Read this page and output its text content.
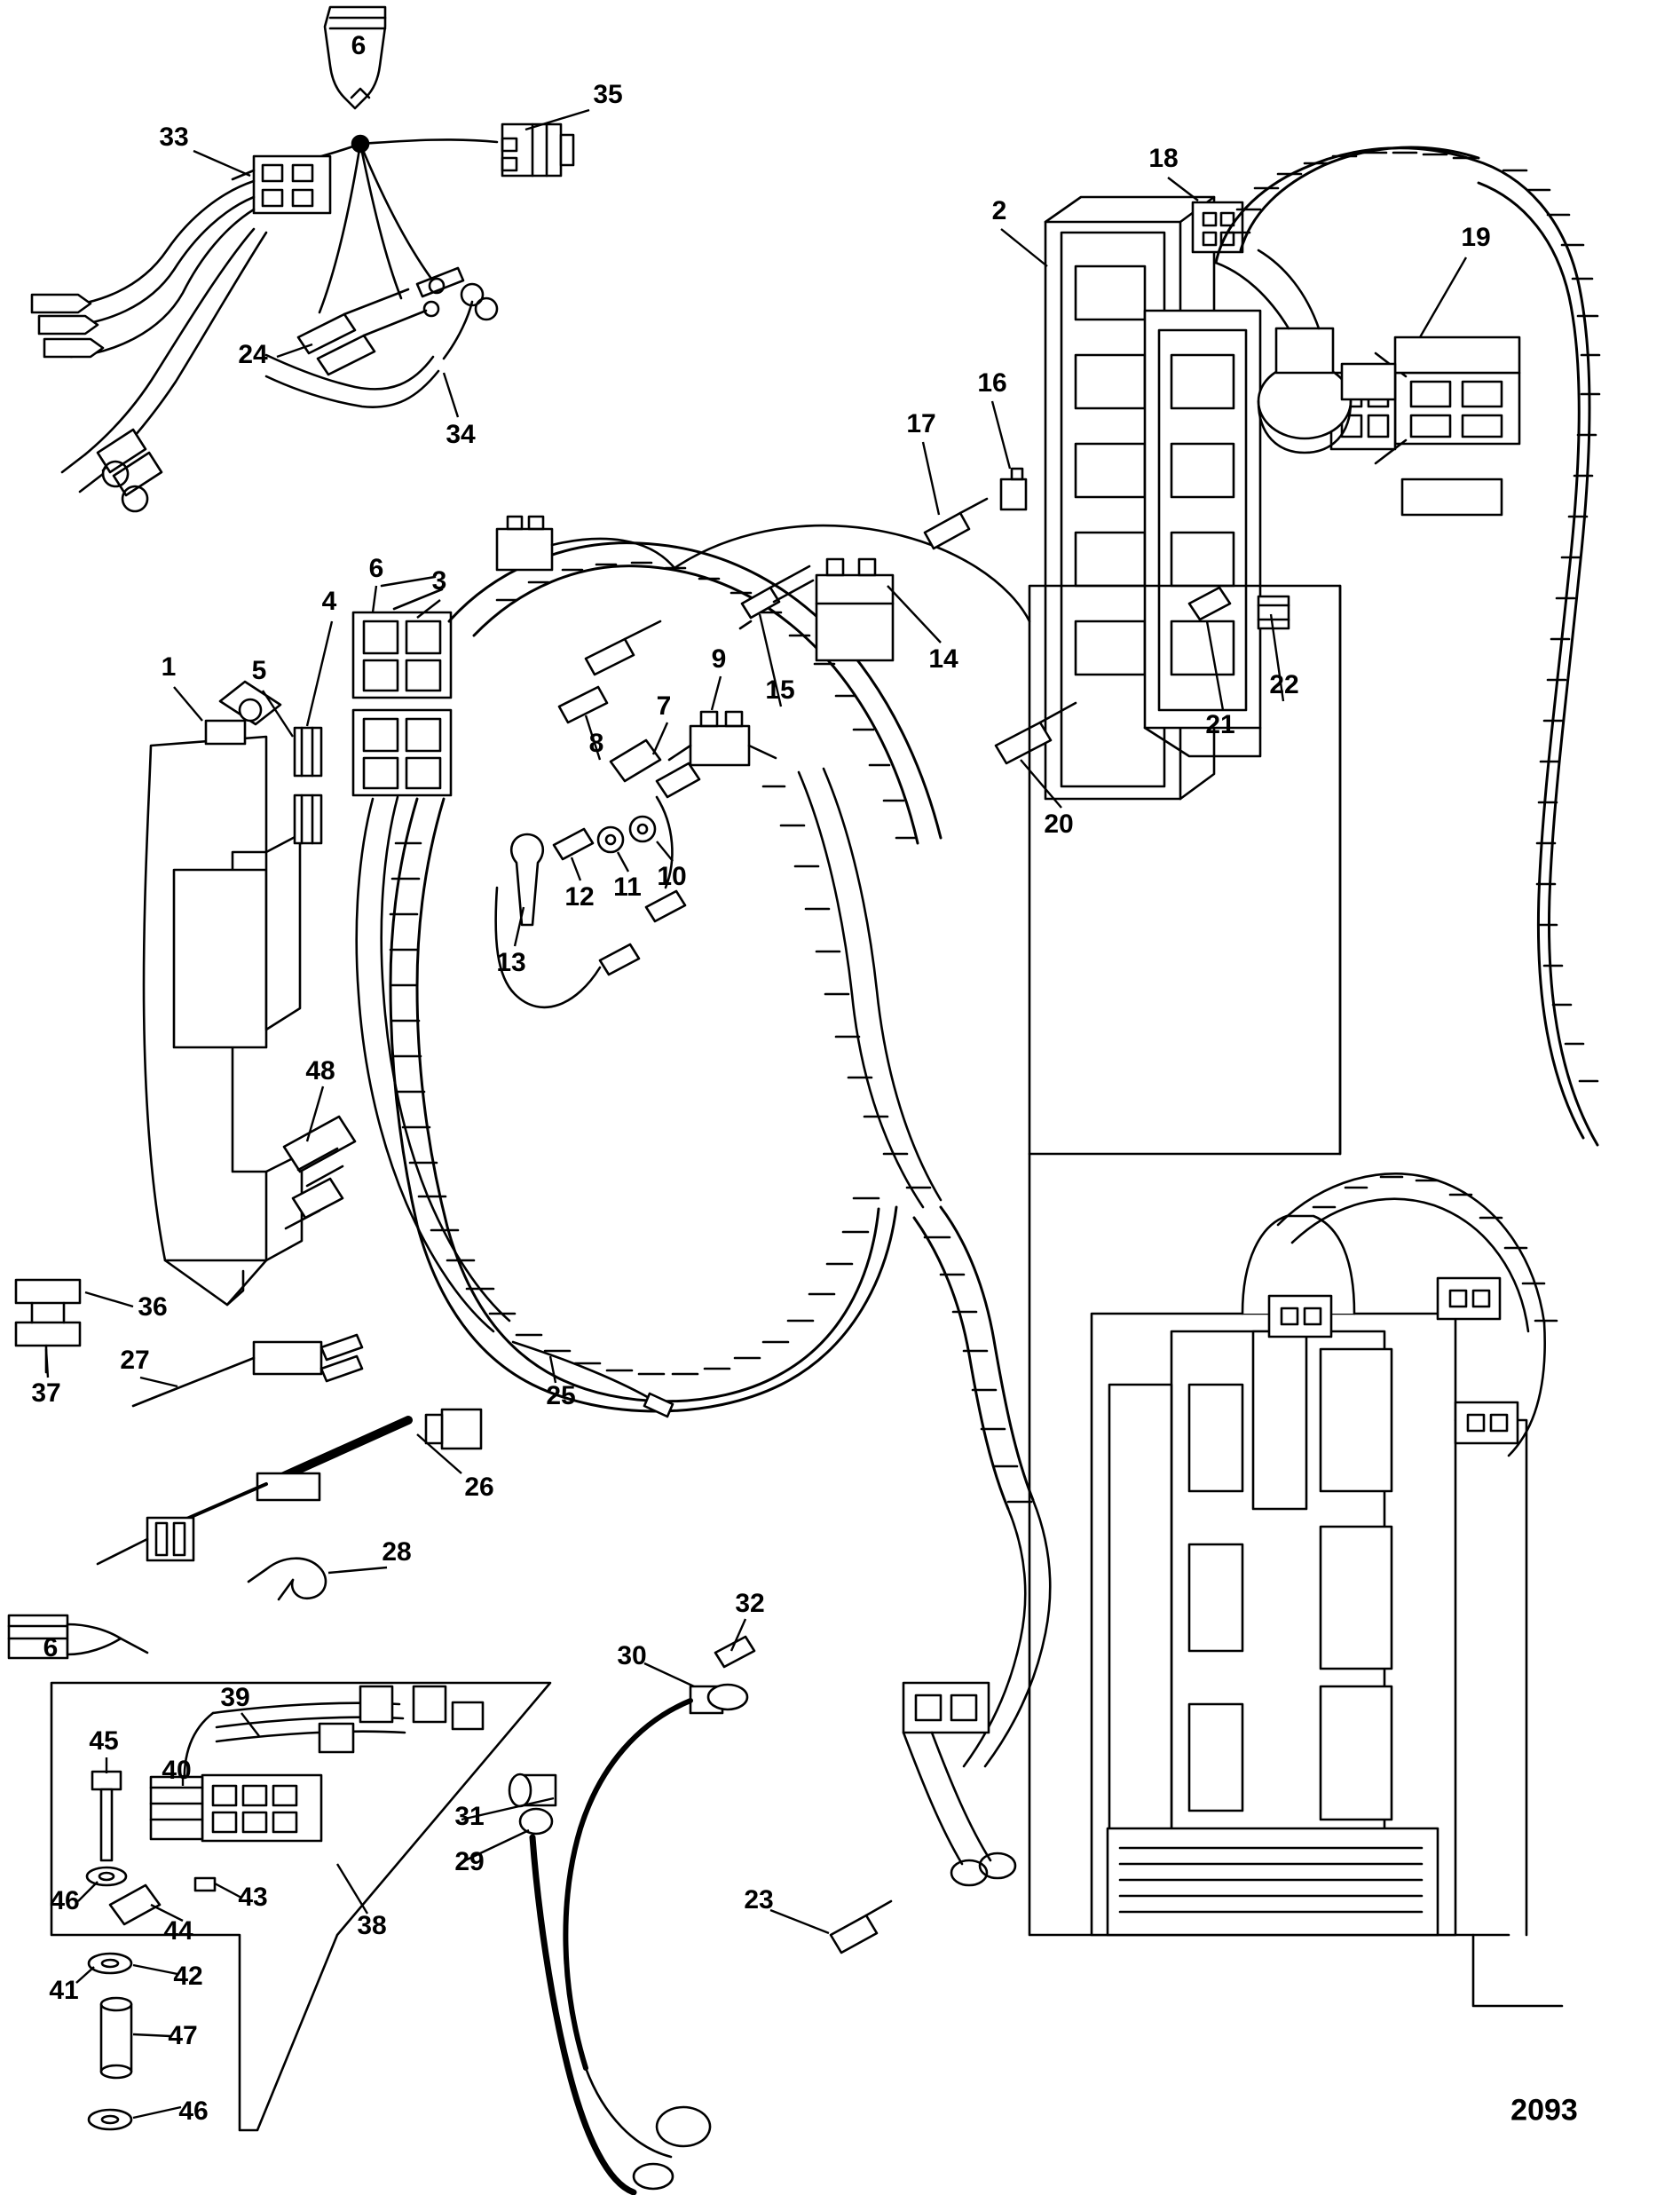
6
35
33
18
2
19
24
34
16
17
3
6
4
14
15	22
5
1	9
7
21
8
20
12 11 10
13
48
36
27
25
37
26
28
32
30
6
39
45
40
31
29
46	43	23
44	38
41	42
47
46	2093
